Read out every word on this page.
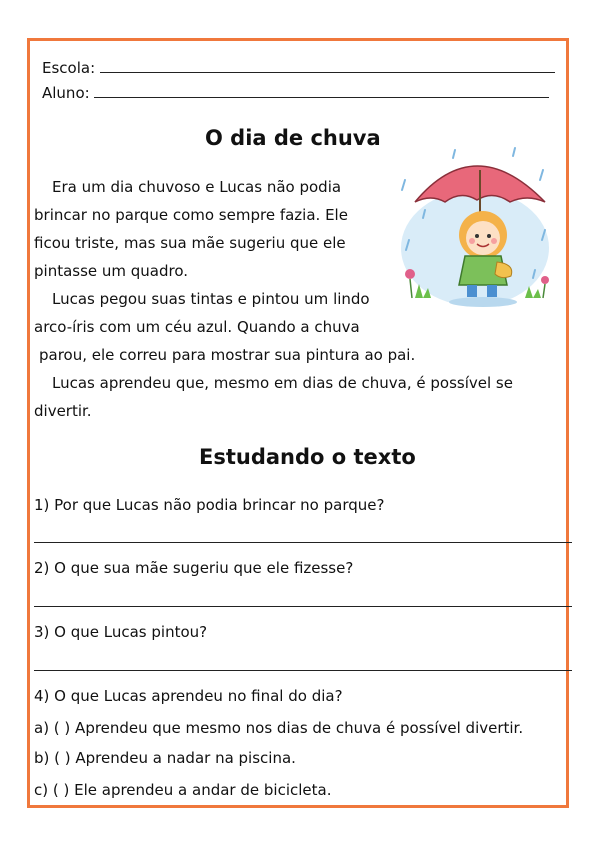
Escola:
Aluno:
O dia de chuva
Era um dia chuvoso e Lucas não podia
brincar no parque como sempre fazia. Ele
ficou triste, mas sua mãe sugeriu que ele
pintasse um quadro.
Lucas pegou suas tintas e pintou um lindo
arco-íris com um céu azul. Quando a chuva
parou, ele correu para mostrar sua pintura ao pai.
Lucas aprendeu que, mesmo em dias de chuva, é possível se
divertir.
Estudando o texto
1) Por que Lucas não podia brincar no parque?
2) O que sua mãe sugeriu que ele fizesse?
3) O que Lucas pintou?
4) O que Lucas aprendeu no final do dia?
a) ( ) Aprendeu que mesmo nos dias de chuva é possível divertir.
b) ( ) Aprendeu a nadar na piscina.
c) ( ) Ele aprendeu a andar de bicicleta.
